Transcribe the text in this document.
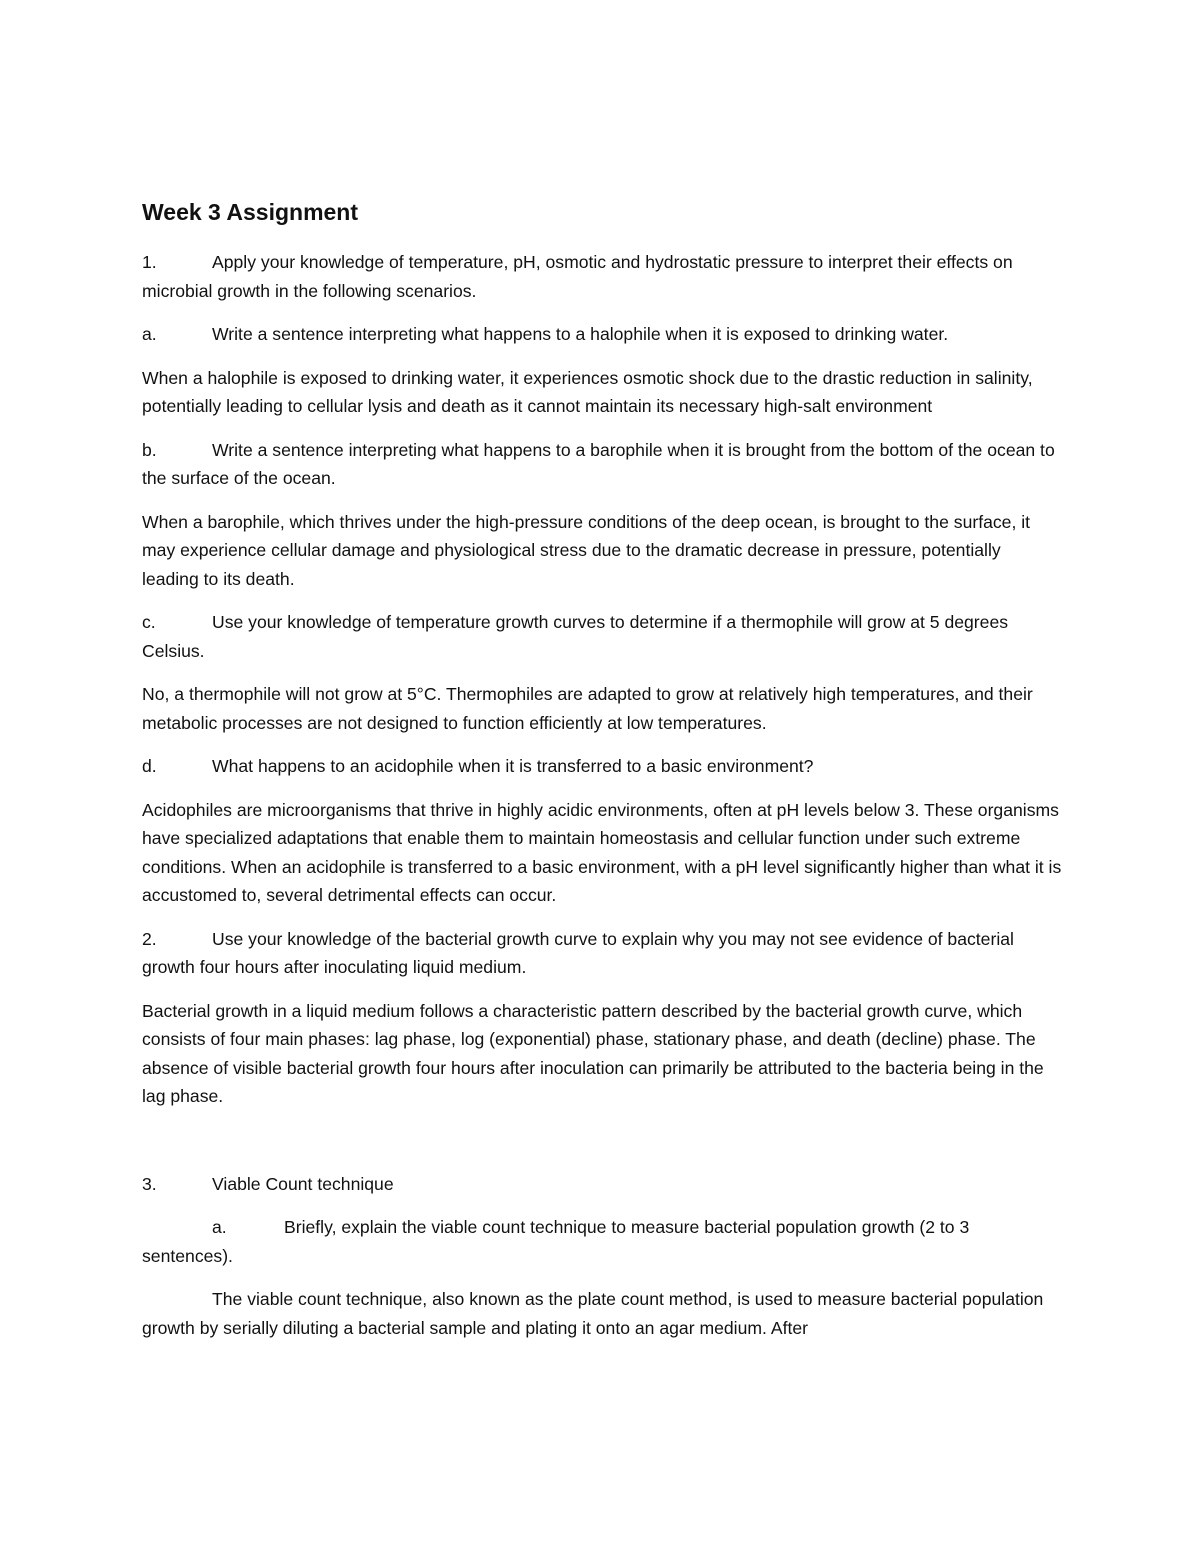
Week 3 Assignment

1.	Apply your knowledge of temperature, pH, osmotic and hydrostatic pressure to interpret their effects on microbial growth in the following scenarios.

a.	Write a sentence interpreting what happens to a halophile when it is exposed to drinking water.

When a halophile is exposed to drinking water, it experiences osmotic shock due to the drastic reduction in salinity, potentially leading to cellular lysis and death as it cannot maintain its necessary high-salt environment

b.	Write a sentence interpreting what happens to a barophile when it is brought from the bottom of the ocean to the surface of the ocean.

When a barophile, which thrives under the high-pressure conditions of the deep ocean, is brought to the surface, it may experience cellular damage and physiological stress due to the dramatic decrease in pressure, potentially leading to its death.

c.	Use your knowledge of temperature growth curves to determine if a thermophile will grow at 5 degrees Celsius.

No, a thermophile will not grow at 5°C. Thermophiles are adapted to grow at relatively high temperatures, and their metabolic processes are not designed to function efficiently at low temperatures.

d.	What happens to an acidophile when it is transferred to a basic environment?

Acidophiles are microorganisms that thrive in highly acidic environments, often at pH levels below 3. These organisms have specialized adaptations that enable them to maintain homeostasis and cellular function under such extreme conditions. When an acidophile is transferred to a basic environment, with a pH level significantly higher than what it is accustomed to, several detrimental effects can occur.

2.	Use your knowledge of the bacterial growth curve to explain why you may not see evidence of bacterial growth four hours after inoculating liquid medium.

Bacterial growth in a liquid medium follows a characteristic pattern described by the bacterial growth curve, which consists of four main phases: lag phase, log (exponential) phase, stationary phase, and death (decline) phase. The absence of visible bacterial growth four hours after inoculation can primarily be attributed to the bacteria being in the lag phase.

3.	Viable Count technique

a.	Briefly, explain the viable count technique to measure bacterial population growth (2 to 3 sentences).

The viable count technique, also known as the plate count method, is used to measure bacterial population growth by serially diluting a bacterial sample and plating it onto an agar medium. After
